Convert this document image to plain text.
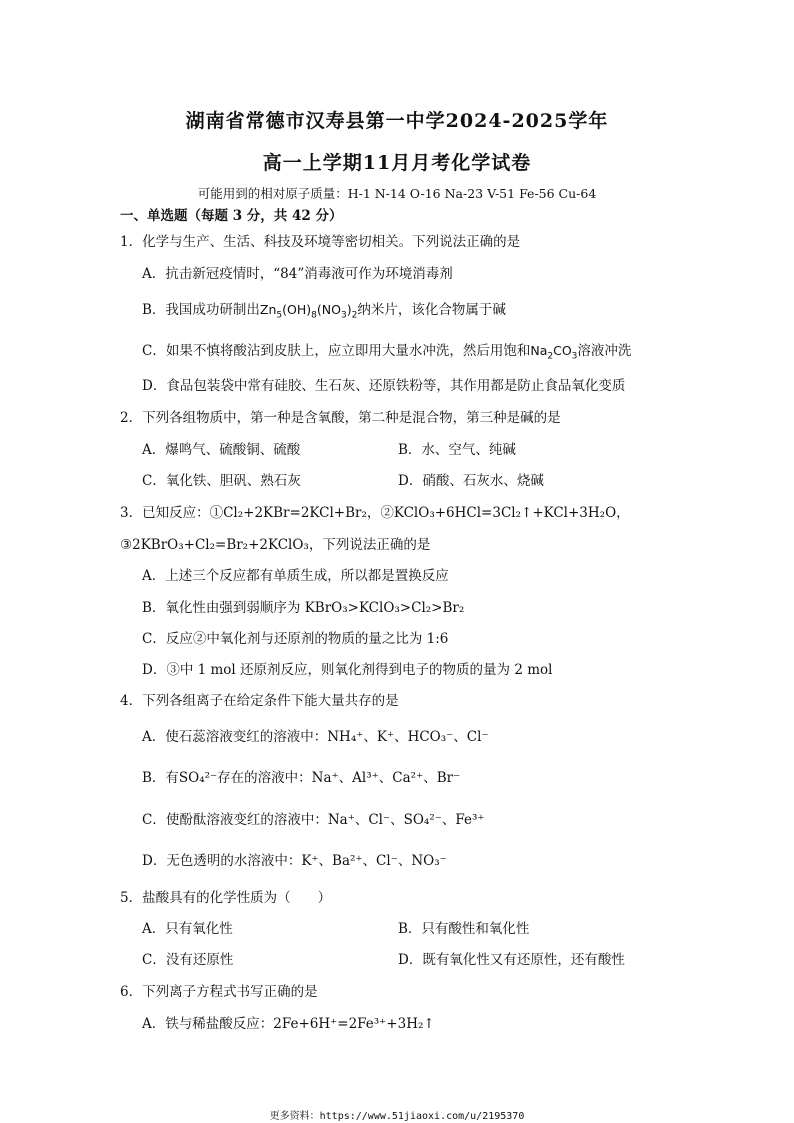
湖南省常德市汉寿县第一中学2024-2025学年
高一上学期11月月考化学试卷
可能用到的相对原子质量：H-1 N-14 O-16 Na-23 V-51 Fe-56 Cu-64
一、单选题（每题 3 分，共 42 分）
1．化学与生产、生活、科技及环境等密切相关。下列说法正确的是
A．抗击新冠疫情时，“84”消毒液可作为环境消毒剂
B．我国成功研制出$Zn_5(OH)_8(NO_3)_2$纳米片，该化合物属于碱
C．如果不慎将酸沾到皮肤上，应立即用大量水冲洗，然后用饱和$Na_2CO_3$溶液冲洗
D．食品包装袋中常有硅胶、生石灰、还原铁粉等，其作用都是防止食品氧化变质
2．下列各组物质中，第一种是含氧酸，第二种是混合物，第三种是碱的是
A．爆鸣气、硫酸铜、硫酸	B．水、空气、纯碱
C．氧化铁、胆矾、熟石灰	D．硝酸、石灰水、烧碱
3．已知反应：①Cl₂+2KBr=2KCl+Br₂，②KClO₃+6HCl=3Cl₂↑+KCl+3H₂O，
③2KBrO₃+Cl₂=Br₂+2KClO₃，下列说法正确的是
A．上述三个反应都有单质生成，所以都是置换反应
B．氧化性由强到弱顺序为 KBrO₃>KClO₃>Cl₂>Br₂
C．反应②中氧化剂与还原剂的物质的量之比为 1:6
D．③中 1 mol 还原剂反应，则氧化剂得到电子的物质的量为 2 mol
4．下列各组离子在给定条件下能大量共存的是
A．使石蕊溶液变红的溶液中：NH₄⁺、K⁺、HCO₃⁻、Cl⁻
B．有SO₄²⁻存在的溶液中：Na⁺、Al³⁺、Ca²⁺、Br⁻
C．使酚酞溶液变红的溶液中：Na⁺、Cl⁻、SO₄²⁻、Fe³⁺
D．无色透明的水溶液中：K⁺、Ba²⁺、Cl⁻、NO₃⁻
5．盐酸具有的化学性质为（　　）
A．只有氧化性	B．只有酸性和氧化性
C．没有还原性	D．既有氧化性又有还原性，还有酸性
6．下列离子方程式书写正确的是
A．铁与稀盐酸反应：2Fe+6H⁺=2Fe³⁺+3H₂↑
更多资料：https://www.51jiaoxi.com/u/2195370
